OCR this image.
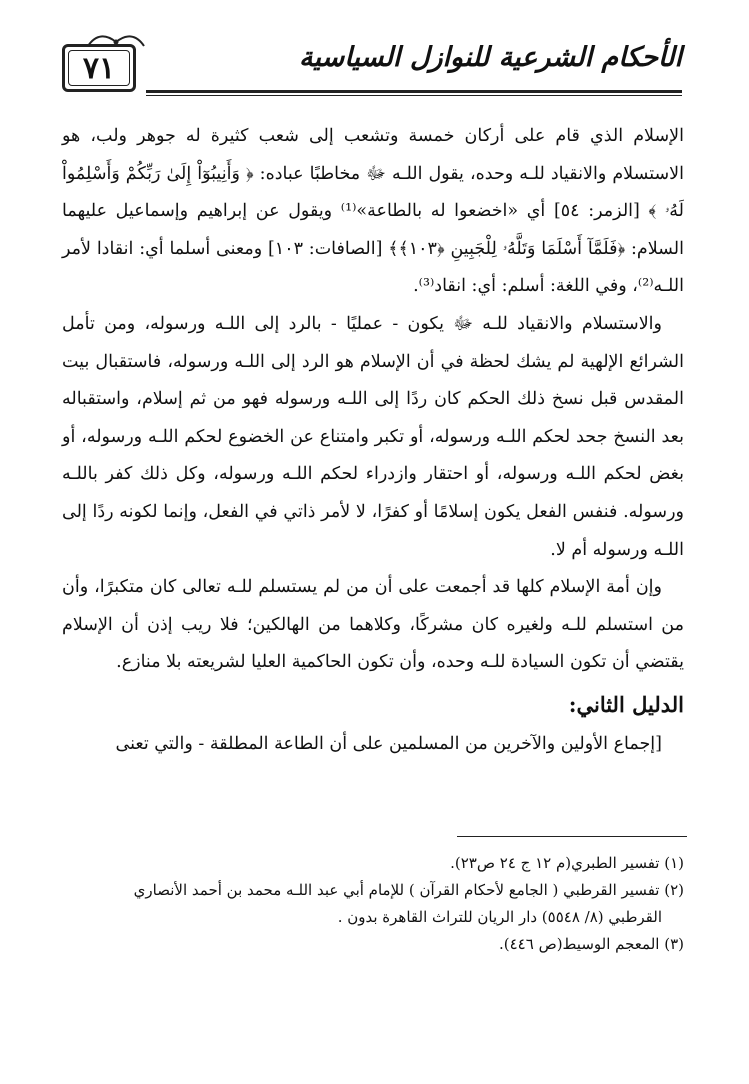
٧١	الأحكام الشرعية للنوازل السياسية

الإسلام الذي قام على أركان خمسة وتشعب إلى شعب كثيرة له جوهر ولب، هو الاستسلام والانقياد للـه وحده، يقول اللـه ﷻ مخاطبًا عباده: ﴿ وَأَنِيبُوٓاْ إِلَىٰ رَبِّكُمْ وَأَسْلِمُواْ لَهُۥ ﴾ [الزمر: ٥٤] أي «اخضعوا له بالطاعة»⁽¹⁾ ويقول عن إبراهيم وإسماعيل عليهما السلام: ﴿فَلَمَّآ أَسْلَمَا وَتَلَّهُۥ لِلْجَبِينِ ﴿١٠٣﴾﴾ [الصافات: ١٠٣] ومعنى أسلما أي: انقادا لأمر اللـه⁽²⁾، وفي اللغة: أسلم: أي: انقاد⁽³⁾.

والاستسلام والانقياد للـه ﷻ يكون - عمليًا - بالرد إلى اللـه ورسوله، ومن تأمل الشرائع الإلهية لم يشك لحظة في أن الإسلام هو الرد إلى اللـه ورسوله، فاستقبال بيت المقدس قبل نسخ ذلك الحكم كان ردًا إلى اللـه ورسوله فهو من ثم إسلام، واستقباله بعد النسخ جحد لحكم اللـه ورسوله، أو تكبر وامتناع عن الخضوع لحكم اللـه ورسوله، أو بغض لحكم اللـه ورسوله، أو احتقار وازدراء لحكم اللـه ورسوله، وكل ذلك كفر باللـه ورسوله. فنفس الفعل يكون إسلامًا أو كفرًا، لا لأمر ذاتي في الفعل، وإنما لكونه ردًا إلى اللـه ورسوله أم لا.

وإن أمة الإسلام كلها قد أجمعت على أن من لم يستسلم للـه تعالى كان متكبرًا، وأن من استسلم للـه ولغيره كان مشركًا، وكلاهما من الهالكين؛ فلا ريب إذن أن الإسلام يقتضي أن تكون السيادة للـه وحده، وأن تكون الحاكمية العليا لشريعته بلا منازع.

الدليل الثاني:

[إجماع الأولين والآخرين من المسلمين على أن الطاعة المطلقة - والتي تعنى

(١) تفسير الطبري(م ١٢ ج ٢٤ ص٢٣).

(٢) تفسير القرطبي ( الجامع لأحكام القرآن ) للإمام أبي عبد اللـه محمد بن أحمد الأنصاري

القرطبي (٨/ ٥٥٤٨) دار الريان للتراث القاهرة بدون .

(٣) المعجم الوسيط(ص ٤٤٦).
